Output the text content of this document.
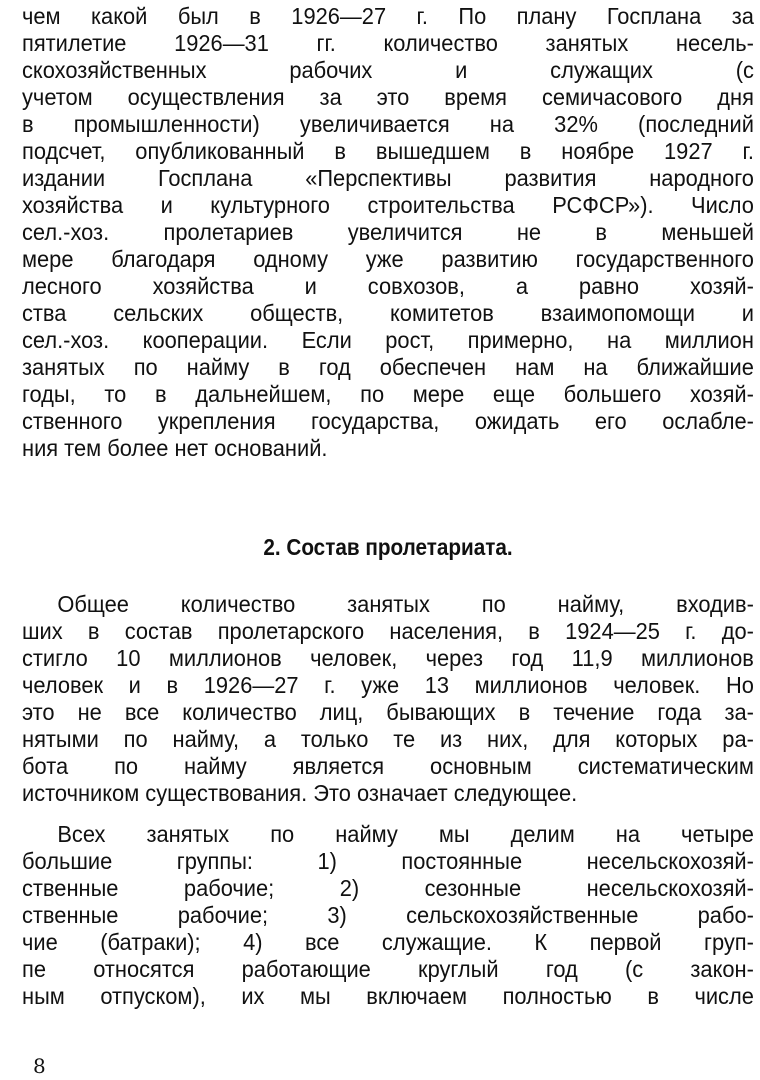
чем какой был в 1926—27 г. По плану Госплана за
пятилетие 1926—31 гг. количество занятых несель-
скохозяйственных рабочих и служащих (с
учетом осуществления за это время семичасового дня
в промышленности) увеличивается на 32% (последний
подсчет, опубликованный в вышедшем в ноябре 1927 г.
издании Госплана «Перспективы развития народного
хозяйства и культурного строительства РСФСР»). Число
сел.-хоз. пролетариев увеличится не в меньшей
мере благодаря одному уже развитию государственного
лесного хозяйства и совхозов, а равно хозяй-
ства сельских обществ, комитетов взаимопомощи и
сел.-хоз. кооперации. Если рост, примерно, на миллион
занятых по найму в год обеспечен нам на ближайшие
годы, то в дальнейшем, по мере еще большего хозяй-
ственного укрепления государства, ожидать его ослабле-
ния тем более нет оснований.
2. Состав пролетариата.
Общее количество занятых по найму, входив-
ших в состав пролетарского населения, в 1924—25 г. до-
стигло 10 миллионов человек, через год 11,9 миллионов
человек и в 1926—27 г. уже 13 миллионов человек. Но
это не все количество лиц, бывающих в течение года за-
нятыми по найму, а только те из них, для которых ра-
бота по найму является основным систематическим
источником существования. Это означает следующее.
Всех занятых по найму мы делим на четыре
большие группы: 1) постоянные несельскохозяй-
ственные рабочие; 2) сезонные несельскохозяй-
ственные рабочие; 3) сельскохозяйственные рабо-
чие (батраки); 4) все служащие. К первой груп-
пе относятся работающие круглый год (с закон-
ным отпуском), их мы включаем полностью в числе
8
